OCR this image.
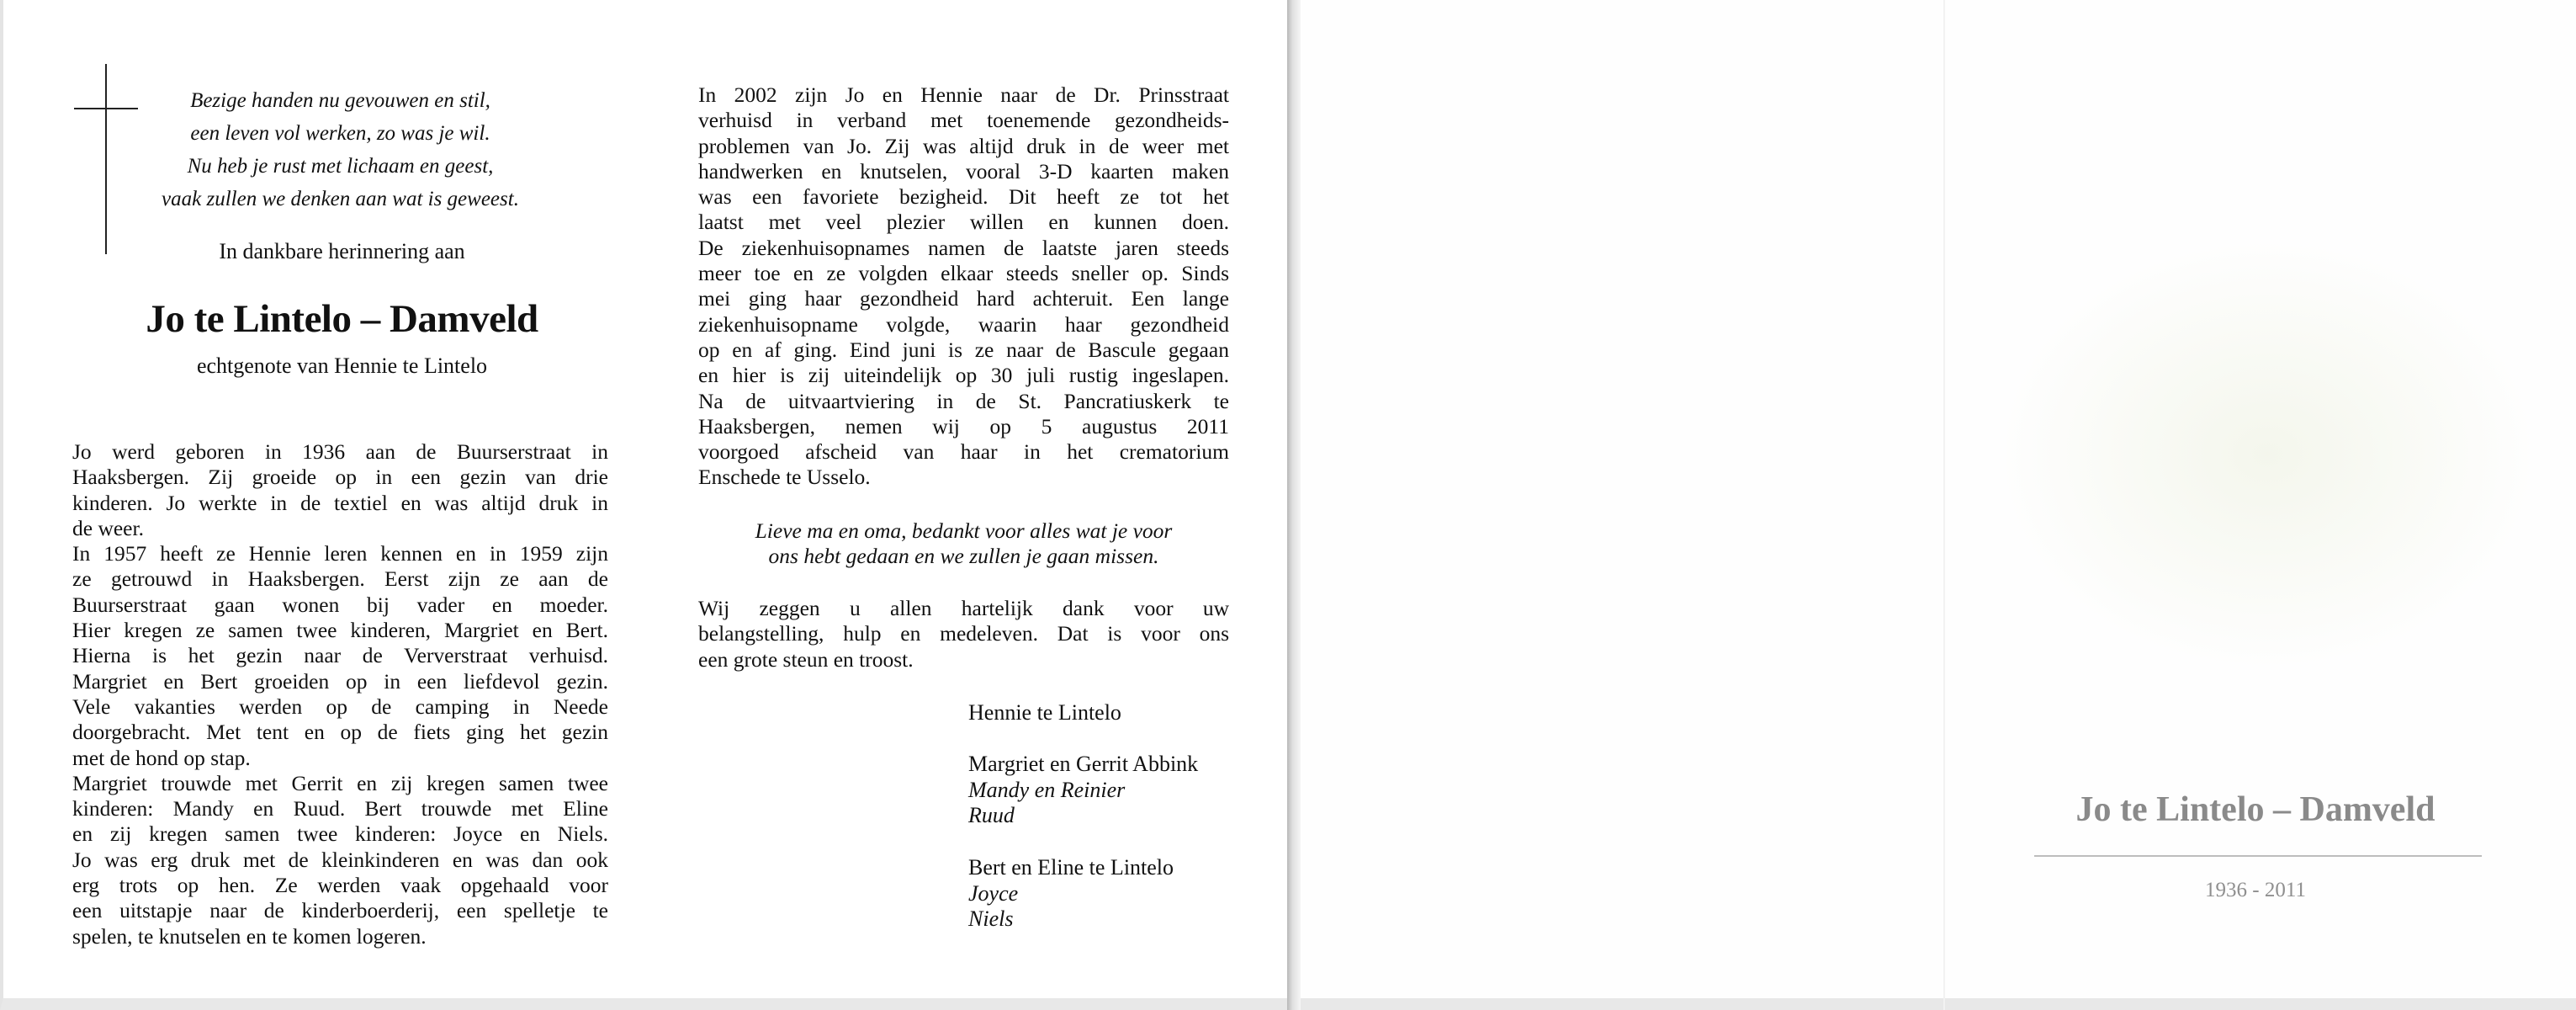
Bezige handen nu gevouwen en stil,
een leven vol werken, zo was je wil.
Nu heb je rust met lichaam en geest,
vaak zullen we denken aan wat is geweest.
In dankbare herinnering aan
Jo te Lintelo – Damveld
echtgenote van Hennie te Lintelo
Jo werd geboren in 1936 aan de Buurserstraat in
Haaksbergen. Zij groeide op in een gezin van drie
kinderen. Jo werkte in de textiel en was altijd druk in
de weer.
In 1957 heeft ze Hennie leren kennen en in 1959 zijn
ze getrouwd in Haaksbergen. Eerst zijn ze aan de
Buurserstraat gaan wonen bij vader en moeder.
Hier kregen ze samen twee kinderen, Margriet en Bert.
Hierna is het gezin naar de Ververstraat verhuisd.
Margriet en Bert groeiden op in een liefdevol gezin.
Vele vakanties werden op de camping in Neede
doorgebracht. Met tent en op de fiets ging het gezin
met de hond op stap.
Margriet trouwde met Gerrit en zij kregen samen twee
kinderen: Mandy en Ruud. Bert trouwde met Eline
en zij kregen samen twee kinderen: Joyce en Niels.
Jo was erg druk met de kleinkinderen en was dan ook
erg trots op hen. Ze werden vaak opgehaald voor
een uitstapje naar de kinderboerderij, een spelletje te
spelen, te knutselen en te komen logeren.
In 2002 zijn Jo en Hennie naar de Dr. Prinsstraat
verhuisd in verband met toenemende gezondheids-
problemen van Jo. Zij was altijd druk in de weer met
handwerken en knutselen, vooral 3-D kaarten maken
was een favoriete bezigheid. Dit heeft ze tot het
laatst met veel plezier willen en kunnen doen.
De ziekenhuisopnames namen de laatste jaren steeds
meer toe en ze volgden elkaar steeds sneller op. Sinds
mei ging haar gezondheid hard achteruit. Een lange
ziekenhuisopname volgde, waarin haar gezondheid
op en af ging. Eind juni is ze naar de Bascule gegaan
en hier is zij uiteindelijk op 30 juli rustig ingeslapen.
Na de uitvaartviering in de St. Pancratiuskerk te
Haaksbergen, nemen wij op 5 augustus 2011
voorgoed afscheid van haar in het crematorium
Enschede te Usselo.
Lieve ma en oma, bedankt voor alles wat je voor
ons hebt gedaan en we zullen je gaan missen.
Wij zeggen u allen hartelijk dank voor uw
belangstelling, hulp en medeleven. Dat is voor ons
een grote steun en troost.
Hennie te Lintelo
Margriet en Gerrit Abbink
Mandy en Reinier
Ruud
Bert en Eline te Lintelo
Joyce
Niels
Jo te Lintelo – Damveld
1936 - 2011
